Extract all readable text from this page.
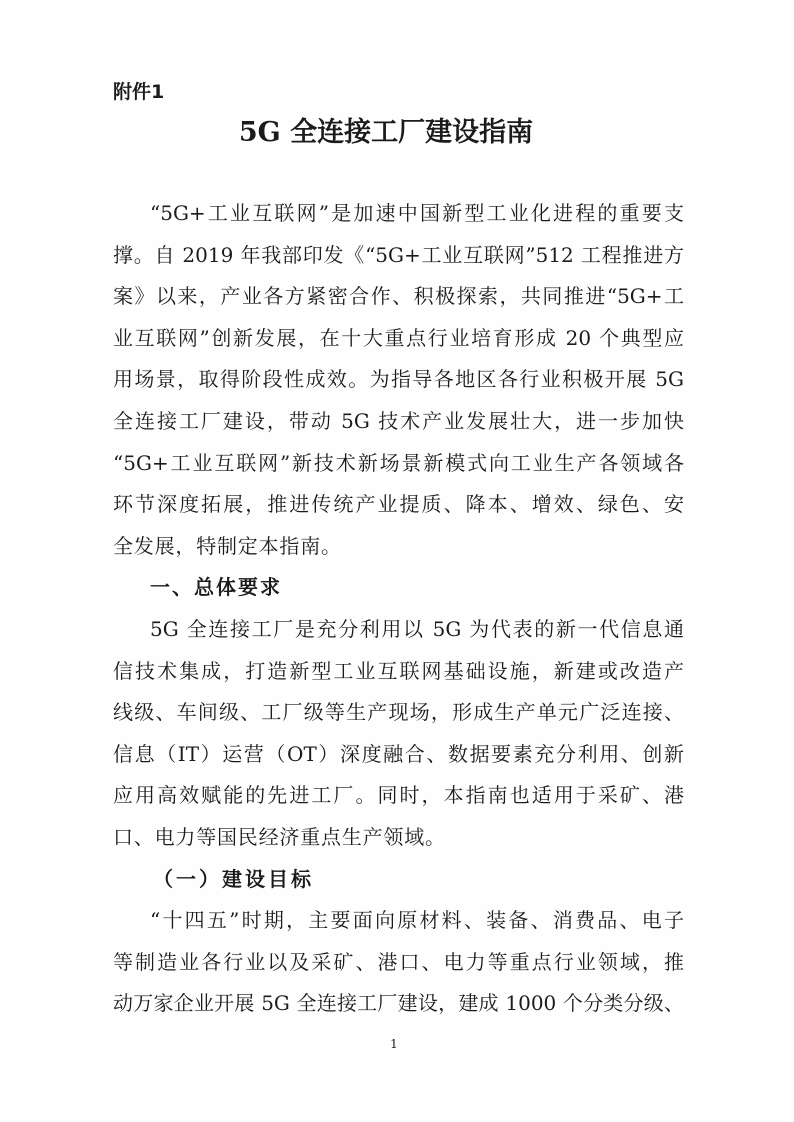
附件1
5G 全连接工厂建设指南
“5G+工业互联网”是加速中国新型工业化进程的重要支
撑。自 2019 年我部印发《“5G+工业互联网”512 工程推进方
案》以来，产业各方紧密合作、积极探索，共同推进“5G+工
业互联网”创新发展，在十大重点行业培育形成 20 个典型应
用场景，取得阶段性成效。为指导各地区各行业积极开展 5G
全连接工厂建设，带动 5G 技术产业发展壮大，进一步加快
“5G+工业互联网”新技术新场景新模式向工业生产各领域各
环节深度拓展，推进传统产业提质、降本、增效、绿色、安
全发展，特制定本指南。
一、总体要求
5G 全连接工厂是充分利用以 5G 为代表的新一代信息通
信技术集成，打造新型工业互联网基础设施，新建或改造产
线级、车间级、工厂级等生产现场，形成生产单元广泛连接、
信息（IT）运营（OT）深度融合、数据要素充分利用、创新
应用高效赋能的先进工厂。同时，本指南也适用于采矿、港
口、电力等国民经济重点生产领域。
（一）建设目标
“十四五”时期，主要面向原材料、装备、消费品、电子
等制造业各行业以及采矿、港口、电力等重点行业领域，推
动万家企业开展 5G 全连接工厂建设，建成 1000 个分类分级、
1
